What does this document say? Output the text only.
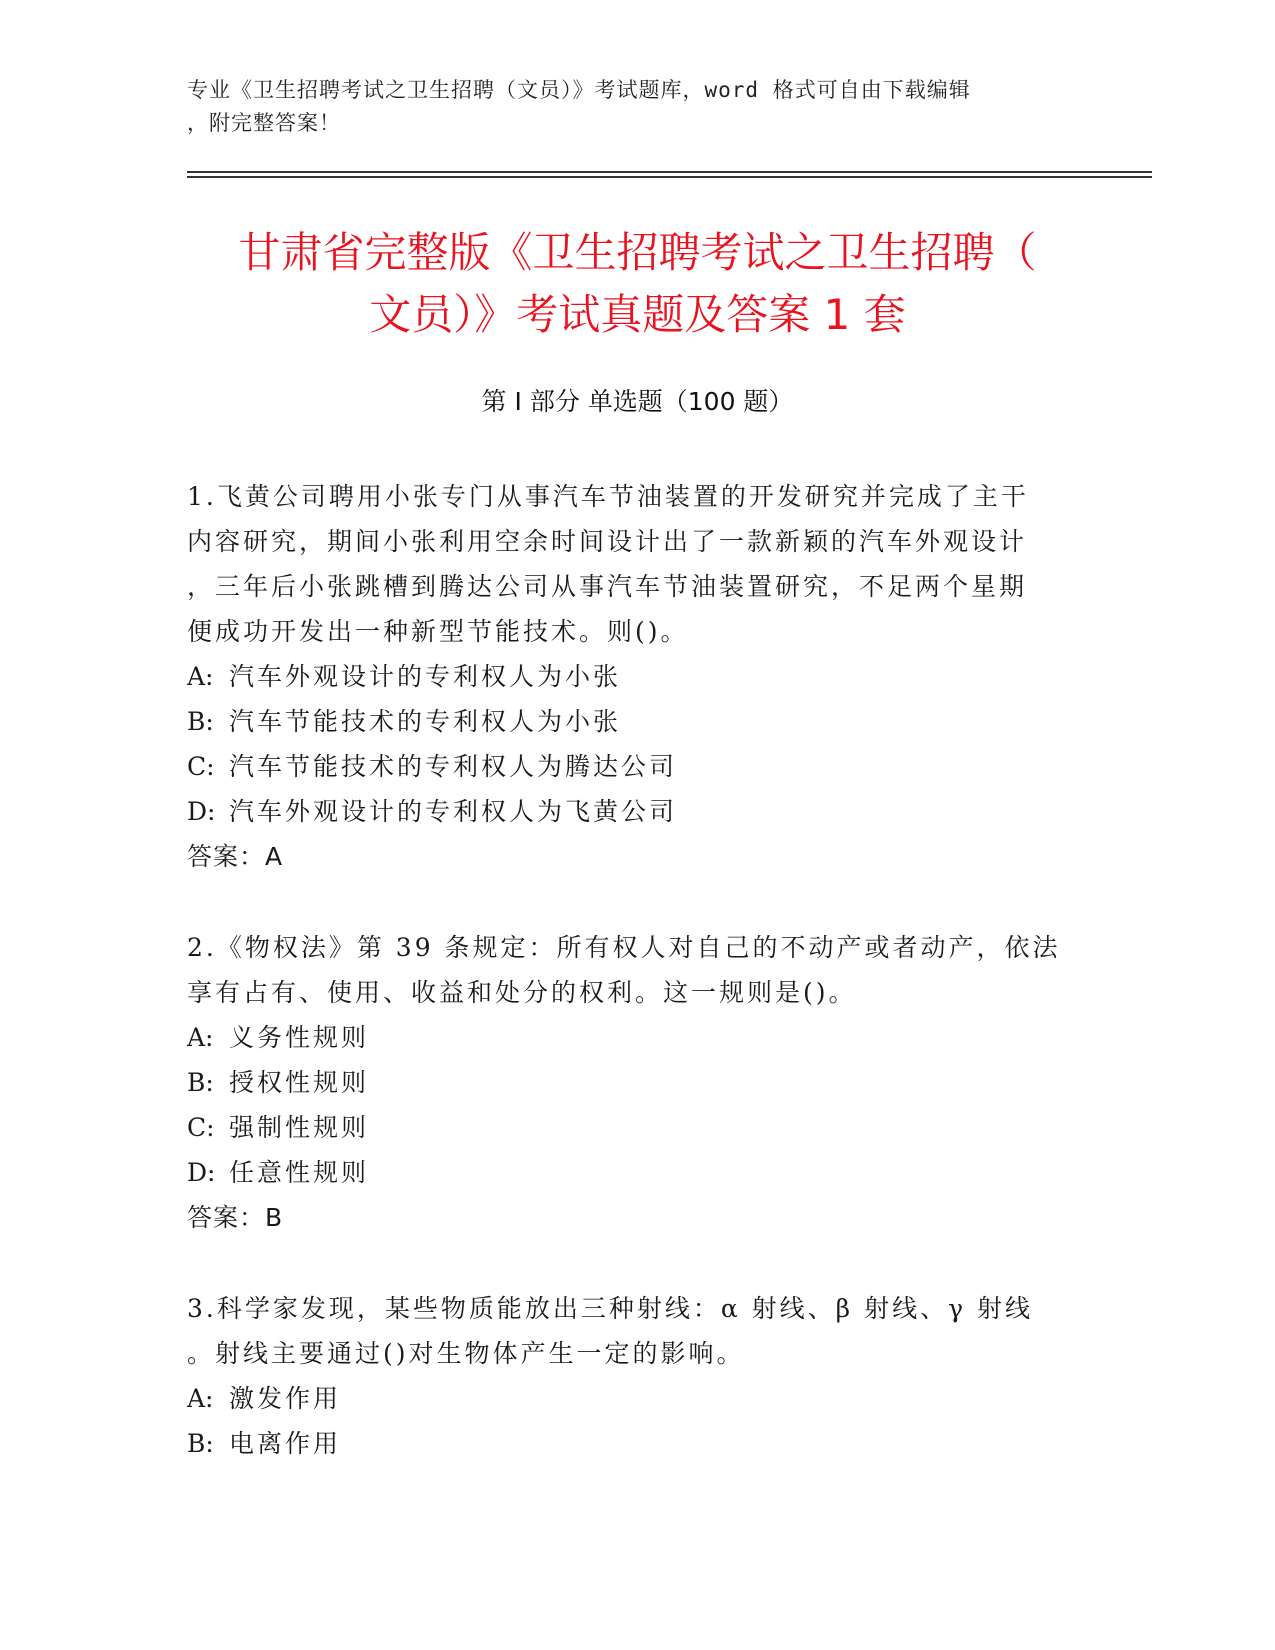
专业《卫生招聘考试之卫生招聘（文员）》考试题库，word 格式可自由下载编辑
，附完整答案！
甘肃省完整版《卫生招聘考试之卫生招聘（
文员）》考试真题及答案 1 套
第 I 部分 单选题（100 题）
1.飞黄公司聘用小张专门从事汽车节油装置的开发研究并完成了主干
内容研究，期间小张利用空余时间设计出了一款新颖的汽车外观设计
，三年后小张跳槽到腾达公司从事汽车节油装置研究，不足两个星期
便成功开发出一种新型节能技术。则()。
A: 汽车外观设计的专利权人为小张
B: 汽车节能技术的专利权人为小张
C: 汽车节能技术的专利权人为腾达公司
D: 汽车外观设计的专利权人为飞黄公司
答案：A
2.《物权法》第 39 条规定：所有权人对自己的不动产或者动产，依法
享有占有、使用、收益和处分的权利。这一规则是()。
A: 义务性规则
B: 授权性规则
C: 强制性规则
D: 任意性规则
答案：B
3.科学家发现，某些物质能放出三种射线：α 射线、β 射线、γ 射线
。射线主要通过()对生物体产生一定的影响。
A: 激发作用
B: 电离作用
